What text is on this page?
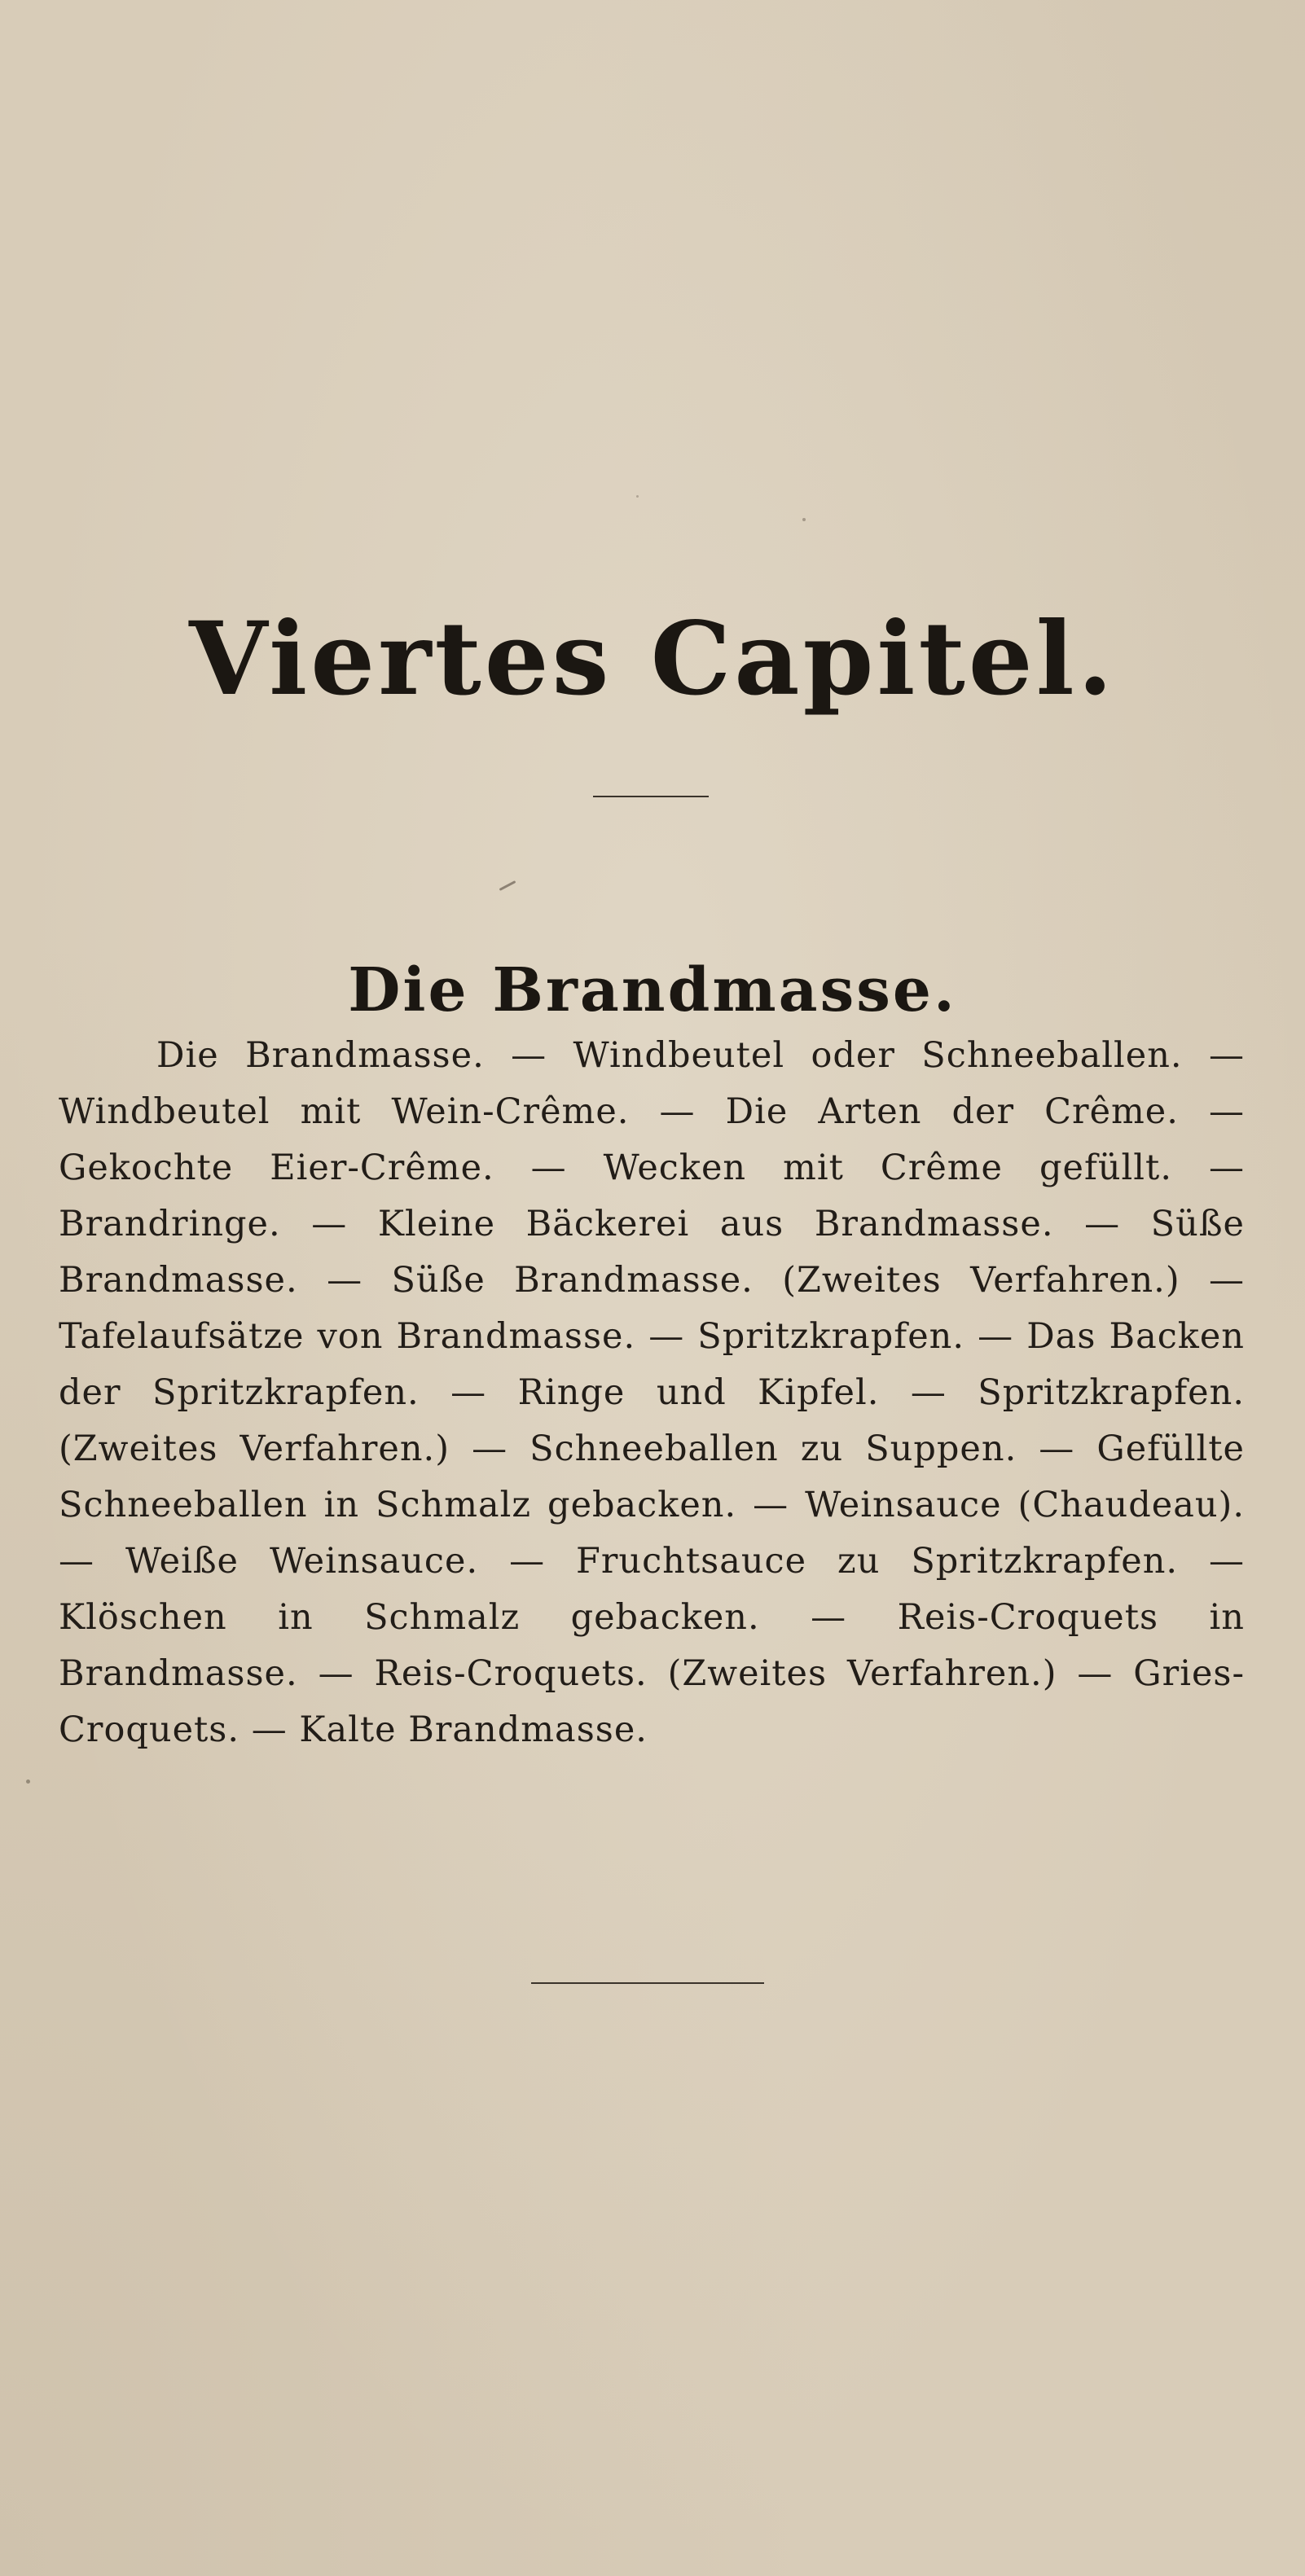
Viertes Capitel.
Die Brandmasse.

Die Brandmasse. — Windbeutel oder Schneeballen. — Windbeutel mit Wein-Crême. — Die Arten der Crême. — Gekochte Eier-Crême. — Wecken mit Crême gefüllt. — Brandringe. — Kleine Bäckerei aus Brandmasse. — Süße Brandmasse. — Süße Brandmasse. (Zweites Verfahren.) — Tafelaufsätze von Brandmasse. — Spritzkrapfen. — Das Backen der Spritzkrapfen. — Ringe und Kipfel. — Spritzkrapfen. (Zweites Verfahren.) — Schneeballen zu Suppen. — Gefüllte Schneeballen in Schmalz gebacken. — Weinsauce (Chaudeau). — Weiße Weinsauce. — Fruchtsauce zu Spritzkrapfen. — Klöschen in Schmalz gebacken. — Reis-Croquets in Brandmasse. — Reis-Croquets. (Zweites Verfahren.) — Gries-Croquets. — Kalte Brandmasse.
